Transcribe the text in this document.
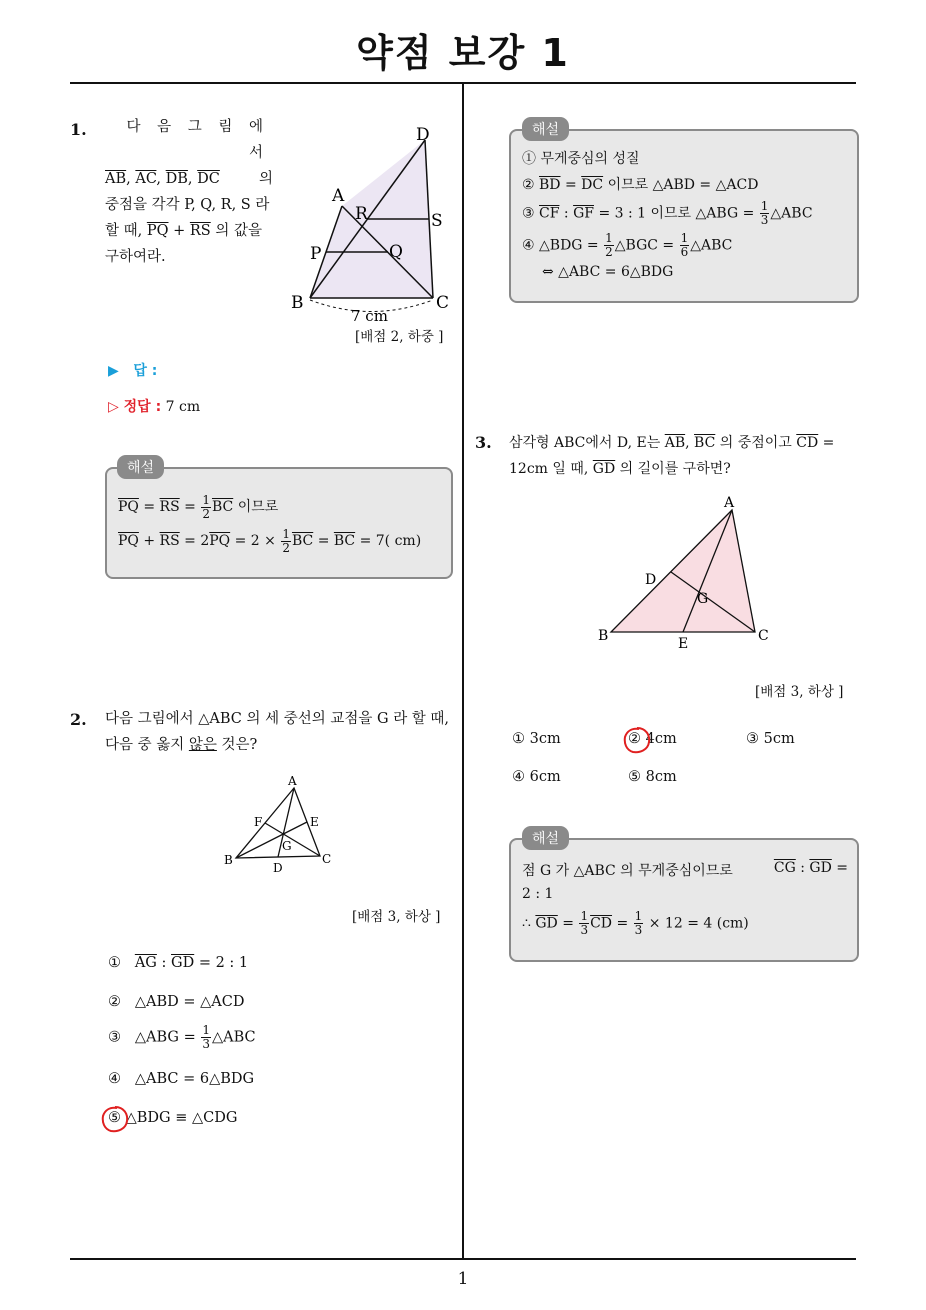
약점 보강 1
1
1.	다 음 그 림 에 서
$\overline{AB}$, $\overline{AC}$, $\overline{DB}$, $\overline{DC}$	의
중점을 각각 P, Q, R, S 라
할 때, $\overline{PQ} + \overline{RS}$ 의 값을
구하여라.
A
B	C
D
P	Q
R	S
7 cm
[배점 2, 하중 ]
▶ 답 :
▷ 정답 : 7 cm
해설
$\overline{PQ} = \overline{RS} = \frac{1}{2} \overline{BC}$ 이므로
$\overline{PQ} + \overline{RS} = 2\overline{PQ} = 2 \times \frac{1}{2} \overline{BC} = \overline{BC} = 7$( cm)
2. 다음 그림에서 △ABC 의 세 중선의 교점을 G 라 할 때,
다음 중 옳지 않은 것은?
A
B	C
D
E
F
G
[배점 3, 하상 ]
① $\overline{AG}$ : $\overline{GD} = 2$ : 1
② △ABD = △ACD
③ △ABG = $\frac{1}{3}$ △ABC
④ △ABC = 6△BDG
⑤ △BDG ≡ △CDG
해설
① 무게중심의 성질
② $\overline{BD} = \overline{DC}$ 이므로 △ABD = △ACD
③ $\overline{CF}$ : $\overline{GF} = 3$ : 1 이므로 △ABG = $\frac{1}{3}$ △ABC
④ △BDG = $\frac{1}{2}$ △BGC = $\frac{1}{6}$ △ABC
⇔ △ABC = 6△BDG
3. 삼각형 ABC에서 D, E는 $\overline{AB}$, $\overline{BC}$ 의 중점이고 $\overline{CD}$ =
12cm 일 때, $\overline{GD}$ 의 길이를 구하면?
A
B	C
D
E
G
[배점 3, 하상 ]
① 3cm	② 4cm	③ 5cm
④ 6cm	⑤ 8cm
해설
점 G 가 △ABC 의 무게중심이므로	$\overline{CG}$ : $\overline{GD}$ =
2 : 1
∴ $\overline{GD} = \frac{1}{3} \overline{CD} = \frac{1}{3} \times 12 = 4$ (cm)
